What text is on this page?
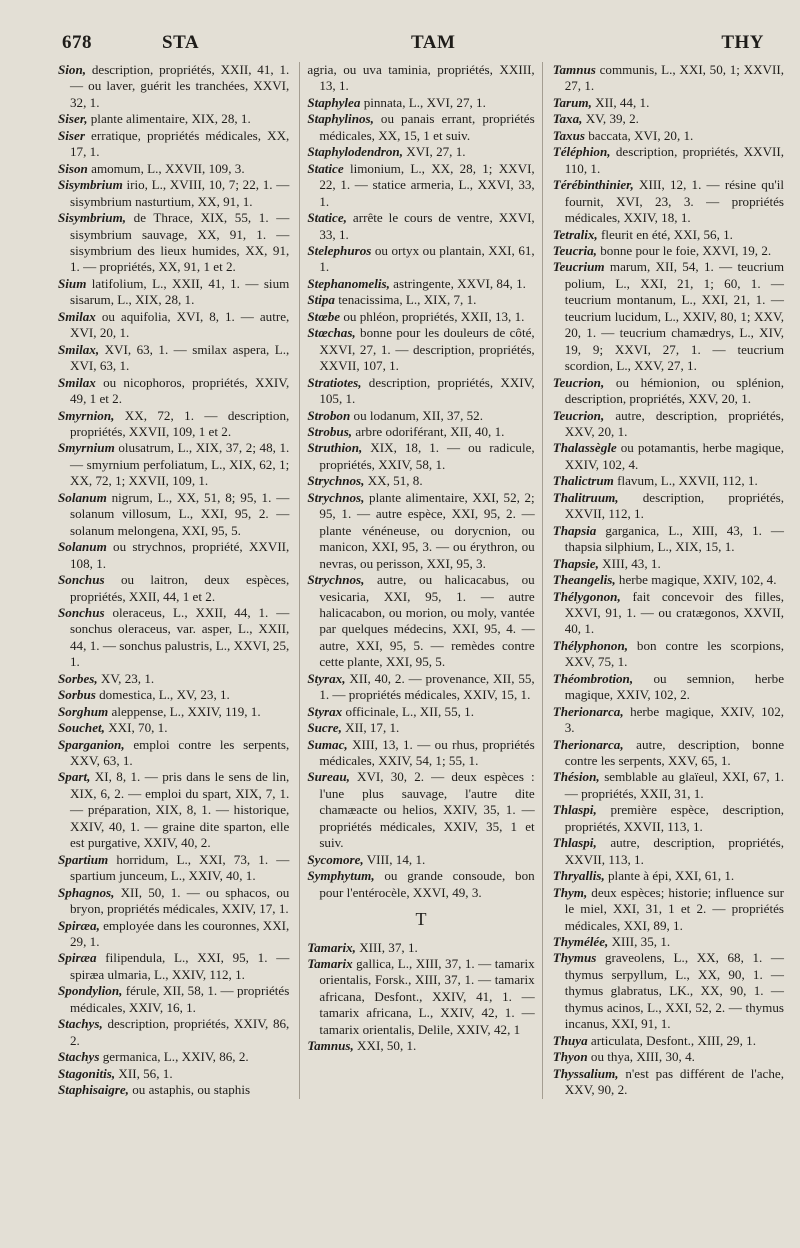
678	STA	TAM	THY

Sion, description, propriétés, XXII, 41, 1. — ou laver, guérit les tranchées, XXVI, 32, 1.

Siser, plante alimentaire, XIX, 28, 1.

Siser erratique, propriétés médicales, XX, 17, 1.

Sison amomum, L., XXVII, 109, 3.

Sisymbrium irio, L., XVIII, 10, 7; 22, 1. — sisymbrium nasturtium, XX, 91, 1.

Sisymbrium, de Thrace, XIX, 55, 1. — sisymbrium sauvage, XX, 91, 1. — sisymbrium des lieux humides, XX, 91, 1. — propriétés, XX, 91, 1 et 2.

Sium latifolium, L., XXII, 41, 1. — sium sisarum, L., XIX, 28, 1.

Smilax ou aquifolia, XVI, 8, 1. — autre, XVI, 20, 1.

Smilax, XVI, 63, 1. — smilax aspera, L., XVI, 63, 1.

Smilax ou nicophoros, propriétés, XXIV, 49, 1 et 2.

Smyrnion, XX, 72, 1. — description, propriétés, XXVII, 109, 1 et 2.

Smyrnium olusatrum, L., XIX, 37, 2; 48, 1. — smyrnium perfoliatum, L., XIX, 62, 1; XX, 72, 1; XXVII, 109, 1.

Solanum nigrum, L., XX, 51, 8; 95, 1. — solanum villosum, L., XXI, 95, 2. — solanum melongena, XXI, 95, 5.

Solanum ou strychnos, propriété, XXVII, 108, 1.

Sonchus ou laitron, deux espèces, propriétés, XXII, 44, 1 et 2.

Sonchus oleraceus, L., XXII, 44, 1. — sonchus oleraceus, var. asper, L., XXII, 44, 1. — sonchus palustris, L., XXVI, 25, 1.

Sorbes, XV, 23, 1.

Sorbus domestica, L., XV, 23, 1.

Sorghum aleppense, L., XXIV, 119, 1.

Souchet, XXI, 70, 1.

Sparganion, emploi contre les serpents, XXV, 63, 1.

Spart, XI, 8, 1. — pris dans le sens de lin, XIX, 6, 2. — emploi du spart, XIX, 7, 1. — préparation, XIX, 8, 1. — historique, XXIV, 40, 1. — graine dite sparton, elle est purgative, XXIV, 40, 2.

Spartium horridum, L., XXI, 73, 1. — spartium junceum, L., XXIV, 40, 1.

Sphagnos, XII, 50, 1. — ou sphacos, ou bryon, propriétés médicales, XXIV, 17, 1.

Spiræa, employée dans les couronnes, XXI, 29, 1.

Spiræa filipendula, L., XXI, 95, 1. — spiræa ulmaria, L., XXIV, 112, 1.

Spondylion, férule, XII, 58, 1. — propriétés médicales, XXIV, 16, 1.

Stachys, description, propriétés, XXIV, 86, 2.

Stachys germanica, L., XXIV, 86, 2.

Stagonitis, XII, 56, 1.

Staphisaigre, ou astaphis, ou staphis

agria, ou uva taminia, propriétés, XXIII, 13, 1.

Staphylea pinnata, L., XVI, 27, 1.

Staphylinos, ou panais errant, propriétés médicales, XX, 15, 1 et suiv.

Staphylodendron, XVI, 27, 1.

Statice limonium, L., XX, 28, 1; XXVI, 22, 1. — statice armeria, L., XXVI, 33, 1.

Statice, arrête le cours de ventre, XXVI, 33, 1.

Stelephuros ou ortyx ou plantain, XXI, 61, 1.

Stephanomelis, astringente, XXVI, 84, 1.

Stipa tenacissima, L., XIX, 7, 1.

Stœbe ou phléon, propriétés, XXII, 13, 1.

Stœchas, bonne pour les douleurs de côté, XXVI, 27, 1. — description, propriétés, XXVII, 107, 1.

Stratiotes, description, propriétés, XXIV, 105, 1.

Strobon ou lodanum, XII, 37, 52.

Strobus, arbre odoriférant, XII, 40, 1.

Struthion, XIX, 18, 1. — ou radicule, propriétés, XXIV, 58, 1.

Strychnos, XX, 51, 8.

Strychnos, plante alimentaire, XXI, 52, 2; 95, 1. — autre espèce, XXI, 95, 2. — plante vénéneuse, ou dorycnion, ou manicon, XXI, 95, 3. — ou érythron, ou nevras, ou perisson, XXI, 95, 3.

Strychnos, autre, ou halicacabus, ou vesicaria, XXI, 95, 1. — autre halicacabon, ou morion, ou moly, vantée par quelques médecins, XXI, 95, 4. — autre, XXI, 95, 5. — remèdes contre cette plante, XXI, 95, 5.

Styrax, XII, 40, 2. — provenance, XII, 55, 1. — propriétés médicales, XXIV, 15, 1.

Styrax officinale, L., XII, 55, 1.

Sucre, XII, 17, 1.

Sumac, XIII, 13, 1. — ou rhus, propriétés médicales, XXIV, 54, 1; 55, 1.

Sureau, XVI, 30, 2. — deux espèces : l'une plus sauvage, l'autre dite chamæacte ou helios, XXIV, 35, 1. — propriétés médicales, XXIV, 35, 1 et suiv.

Sycomore, VIII, 14, 1.

Symphytum, ou grande consoude, bon pour l'entérocèle, XXVI, 49, 3.

T

Tamarix, XIII, 37, 1.

Tamarix gallica, L., XIII, 37, 1. — tamarix orientalis, Forsk., XIII, 37, 1. — tamarix africana, Desfont., XXIV, 41, 1. — tamarix africana, L., XXIV, 42, 1. — tamarix orientalis, Delile, XXIV, 42, 1

Tamnus, XXI, 50, 1.

Tamnus communis, L., XXI, 50, 1; XXVII, 27, 1.

Tarum, XII, 44, 1.

Taxa, XV, 39, 2.

Taxus baccata, XVI, 20, 1.

Téléphion, description, propriétés, XXVII, 110, 1.

Térébinthinier, XIII, 12, 1. — résine qu'il fournit, XVI, 23, 3. — propriétés médicales, XXIV, 18, 1.

Tetralix, fleurit en été, XXI, 56, 1.

Teucria, bonne pour le foie, XXVI, 19, 2.

Teucrium marum, XII, 54, 1. — teucrium polium, L., XXI, 21, 1; 60, 1. — teucrium montanum, L., XXI, 21, 1. — teucrium lucidum, L., XXIV, 80, 1; XXV, 20, 1. — teucrium chamædrys, L., XIV, 19, 9; XXVI, 27, 1. — teucrium scordion, L., XXV, 27, 1.

Teucrion, ou hémionion, ou splénion, description, propriétés, XXV, 20, 1.

Teucrion, autre, description, propriétés, XXV, 20, 1.

Thalassègle ou potamantis, herbe magique, XXIV, 102, 4.

Thalictrum flavum, L., XXVII, 112, 1.

Thalitruum, description, propriétés, XXVII, 112, 1.

Thapsia garganica, L., XIII, 43, 1. — thapsia silphium, L., XIX, 15, 1.

Thapsie, XIII, 43, 1.

Theangelis, herbe magique, XXIV, 102, 4.

Thélygonon, fait concevoir des filles, XXVI, 91, 1. — ou cratægonos, XXVII, 40, 1.

Thélyphonon, bon contre les scorpions, XXV, 75, 1.

Théombrotion, ou semnion, herbe magique, XXIV, 102, 2.

Therionarca, herbe magique, XXIV, 102, 3.

Therionarca, autre, description, bonne contre les serpents, XXV, 65, 1.

Thésion, semblable au glaïeul, XXI, 67, 1. — propriétés, XXII, 31, 1.

Thlaspi, première espèce, description, propriétés, XXVII, 113, 1.

Thlaspi, autre, description, propriétés, XXVII, 113, 1.

Thryallis, plante à épi, XXI, 61, 1.

Thym, deux espèces; historie; influence sur le miel, XXI, 31, 1 et 2. — propriétés médicales, XXI, 89, 1.

Thymélée, XIII, 35, 1.

Thymus graveolens, L., XX, 68, 1. — thymus serpyllum, L., XX, 90, 1. — thymus glabratus, LK., XX, 90, 1. — thymus acinos, L., XXI, 52, 2. — thymus incanus, XXI, 91, 1.

Thuya articulata, Desfont., XIII, 29, 1.

Thyon ou thya, XIII, 30, 4.

Thyssalium, n'est pas différent de l'ache, XXV, 90, 2.
